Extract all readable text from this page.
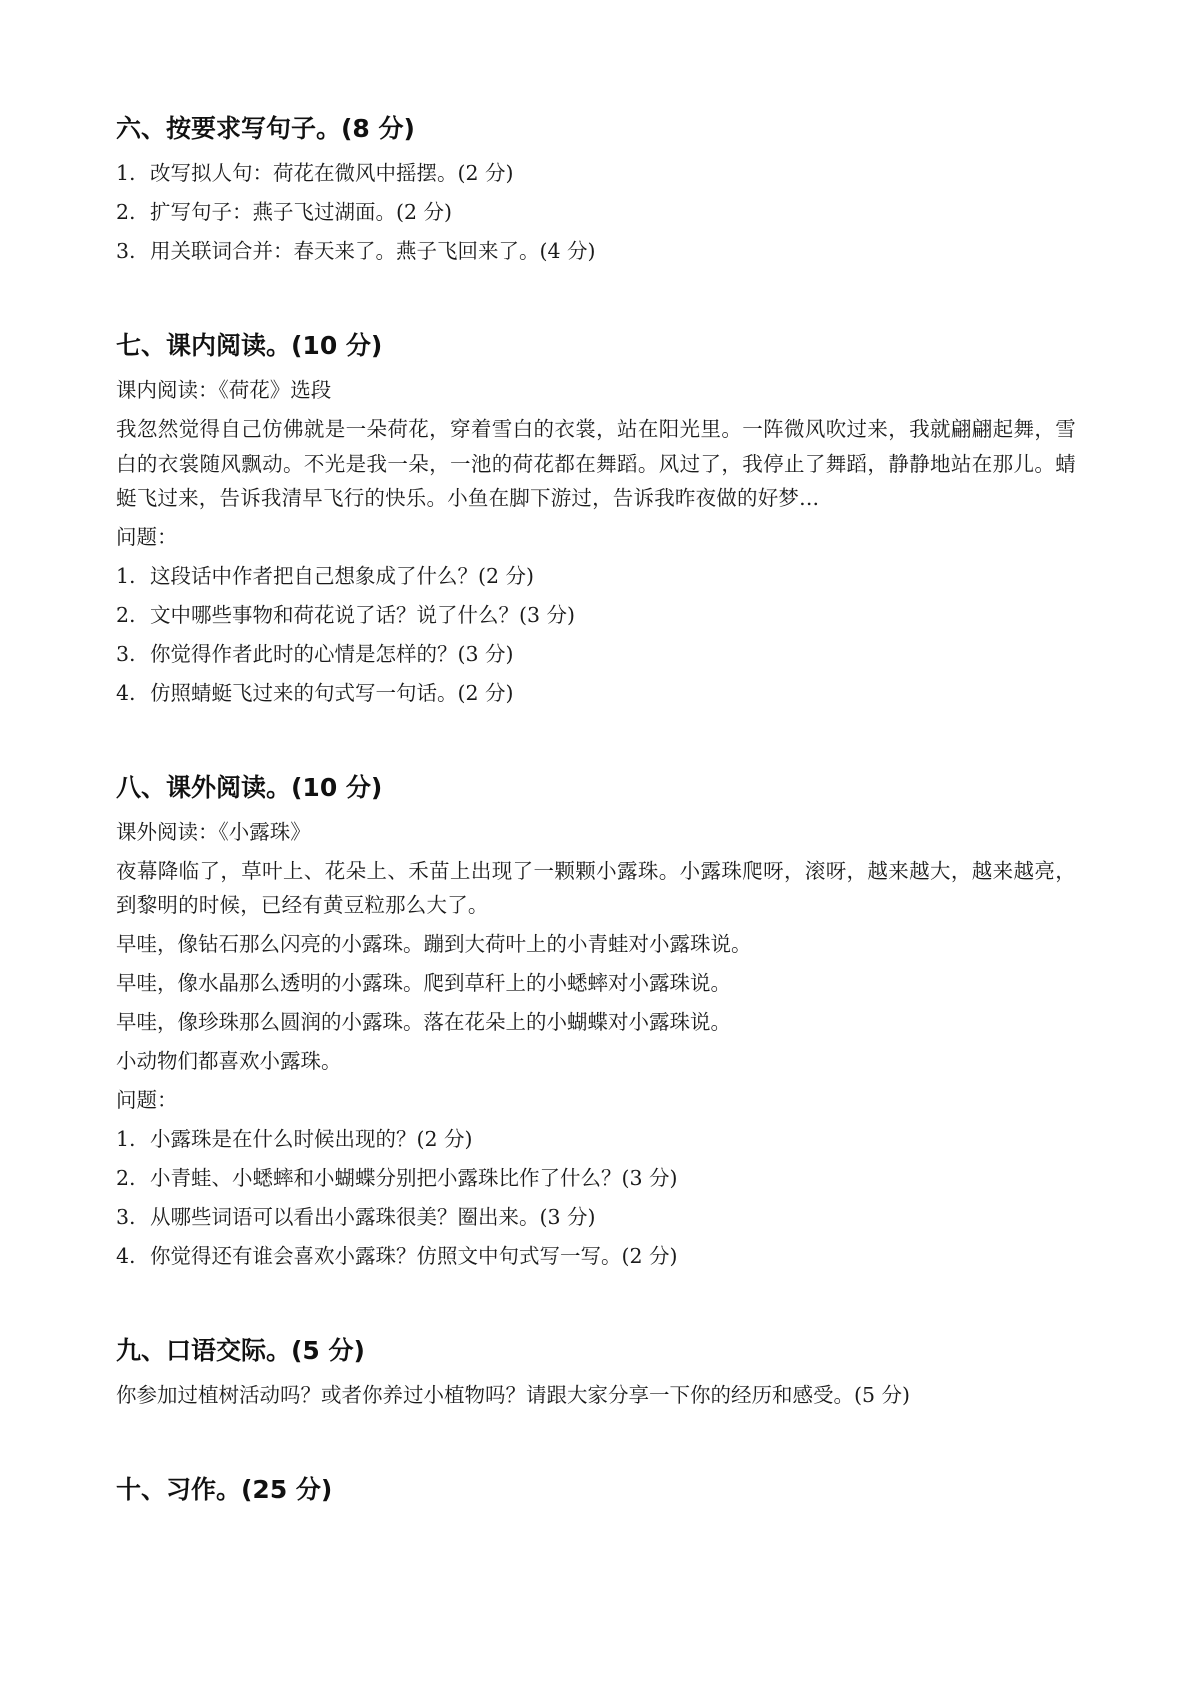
六、按要求写句子。(8 分)

1. 改写拟人句：荷花在微风中摇摆。(2 分)

2. 扩写句子：燕子飞过湖面。(2 分)

3. 用关联词合并：春天来了。燕子飞回来了。(4 分)

七、课内阅读。(10 分)

课内阅读：《荷花》选段

我忽然觉得自己仿佛就是一朵荷花，穿着雪白的衣裳，站在阳光里。一阵微风吹过来，我就翩翩起舞，雪白的衣裳随风飘动。不光是我一朵，一池的荷花都在舞蹈。风过了，我停止了舞蹈，静静地站在那儿。蜻蜓飞过来，告诉我清早飞行的快乐。小鱼在脚下游过，告诉我昨夜做的好梦...

问题：

1. 这段话中作者把自己想象成了什么？(2 分)

2. 文中哪些事物和荷花说了话？说了什么？(3 分)

3. 你觉得作者此时的心情是怎样的？(3 分)

4. 仿照蜻蜓飞过来的句式写一句话。(2 分)

八、课外阅读。(10 分)

课外阅读：《小露珠》

夜幕降临了，草叶上、花朵上、禾苗上出现了一颗颗小露珠。小露珠爬呀，滚呀，越来越大，越来越亮，到黎明的时候，已经有黄豆粒那么大了。

早哇，像钻石那么闪亮的小露珠。蹦到大荷叶上的小青蛙对小露珠说。

早哇，像水晶那么透明的小露珠。爬到草秆上的小蟋蟀对小露珠说。

早哇，像珍珠那么圆润的小露珠。落在花朵上的小蝴蝶对小露珠说。

小动物们都喜欢小露珠。

问题：

1. 小露珠是在什么时候出现的？(2 分)

2. 小青蛙、小蟋蟀和小蝴蝶分别把小露珠比作了什么？(3 分)

3. 从哪些词语可以看出小露珠很美？圈出来。(3 分)

4. 你觉得还有谁会喜欢小露珠？仿照文中句式写一写。(2 分)

九、口语交际。(5 分)

你参加过植树活动吗？或者你养过小植物吗？请跟大家分享一下你的经历和感受。(5 分)

十、习作。(25 分)
